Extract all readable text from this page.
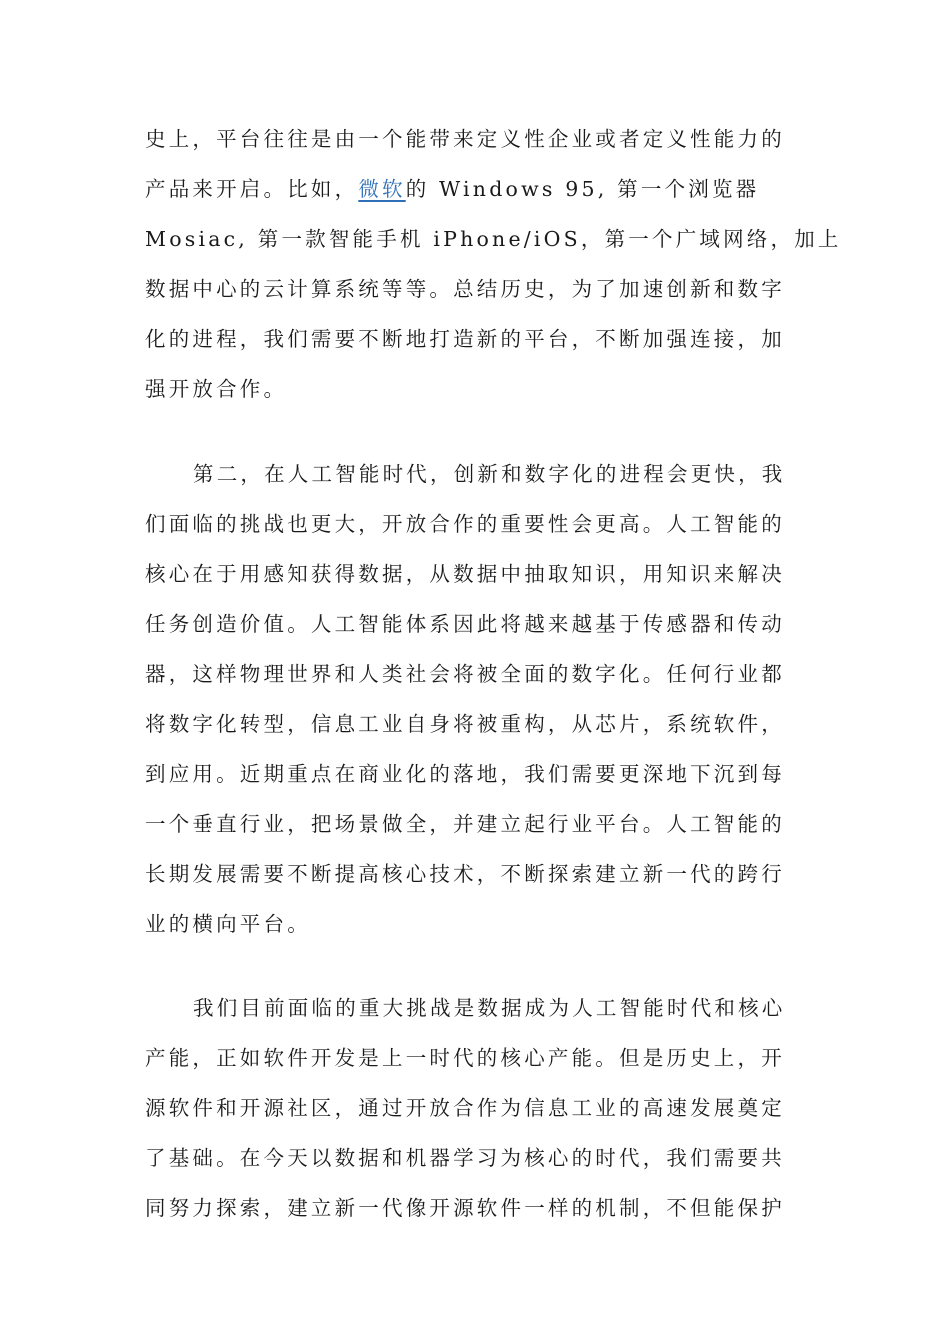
史上，平台往往是由一个能带来定义性企业或者定义性能力的
产品来开启。比如，微软的 Windows 95, 第一个浏览器
Mosiac, 第一款智能手机 iPhone/iOS，第一个广域网络，加上
数据中心的云计算系统等等。总结历史，为了加速创新和数字
化的进程，我们需要不断地打造新的平台，不断加强连接，加
强开放合作。
第二，在人工智能时代，创新和数字化的进程会更快，我
们面临的挑战也更大，开放合作的重要性会更高。人工智能的
核心在于用感知获得数据，从数据中抽取知识，用知识来解决
任务创造价值。人工智能体系因此将越来越基于传感器和传动
器，这样物理世界和人类社会将被全面的数字化。任何行业都
将数字化转型，信息工业自身将被重构，从芯片，系统软件，
到应用。近期重点在商业化的落地，我们需要更深地下沉到每
一个垂直行业，把场景做全，并建立起行业平台。人工智能的
长期发展需要不断提高核心技术，不断探索建立新一代的跨行
业的横向平台。
我们目前面临的重大挑战是数据成为人工智能时代和核心
产能，正如软件开发是上一时代的核心产能。但是历史上，开
源软件和开源社区，通过开放合作为信息工业的高速发展奠定
了基础。在今天以数据和机器学习为核心的时代，我们需要共
同努力探索，建立新一代像开源软件一样的机制，不但能保护
